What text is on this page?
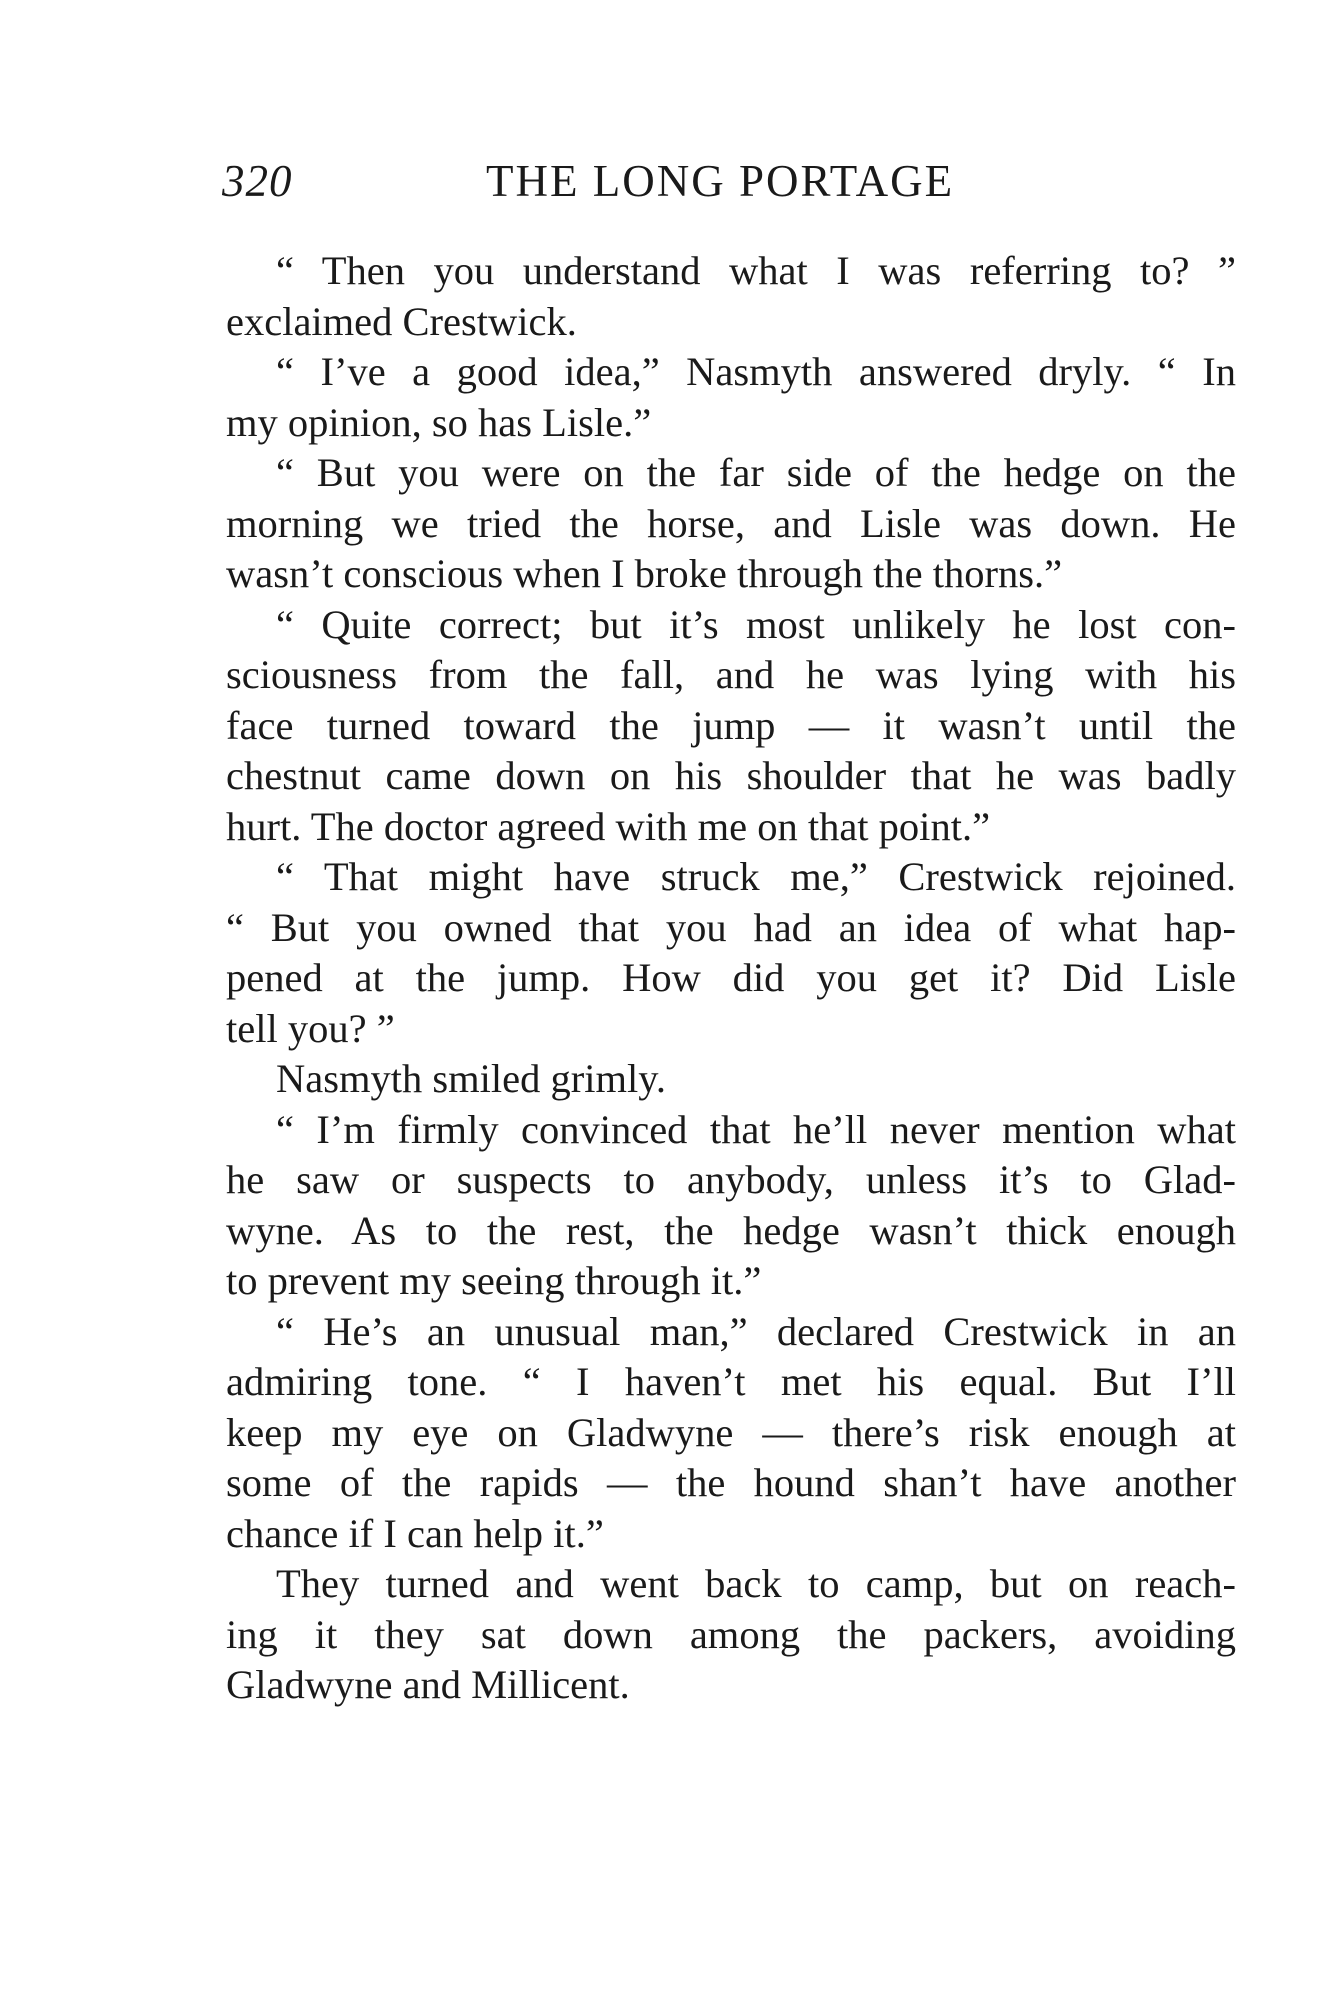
320	THE LONG PORTAGE
“ Then you understand what I was referring to? ”
exclaimed Crestwick.
“ I’ve a good idea,” Nasmyth answered dryly. “ In
my opinion, so has Lisle.”
“ But you were on the far side of the hedge on the
morning we tried the horse, and Lisle was down. He
wasn’t conscious when I broke through the thorns.”
“ Quite correct; but it’s most unlikely he lost con-
sciousness from the fall, and he was lying with his
face turned toward the jump — it wasn’t until the
chestnut came down on his shoulder that he was badly
hurt. The doctor agreed with me on that point.”
“ That might have struck me,” Crestwick rejoined.
“ But you owned that you had an idea of what hap-
pened at the jump. How did you get it? Did Lisle
tell you? ”
Nasmyth smiled grimly.
“ I’m firmly convinced that he’ll never mention what
he saw or suspects to anybody, unless it’s to Glad-
wyne. As to the rest, the hedge wasn’t thick enough
to prevent my seeing through it.”
“ He’s an unusual man,” declared Crestwick in an
admiring tone. “ I haven’t met his equal. But I’ll
keep my eye on Gladwyne — there’s risk enough at
some of the rapids — the hound shan’t have another
chance if I can help it.”
They turned and went back to camp, but on reach-
ing it they sat down among the packers, avoiding
Gladwyne and Millicent.
